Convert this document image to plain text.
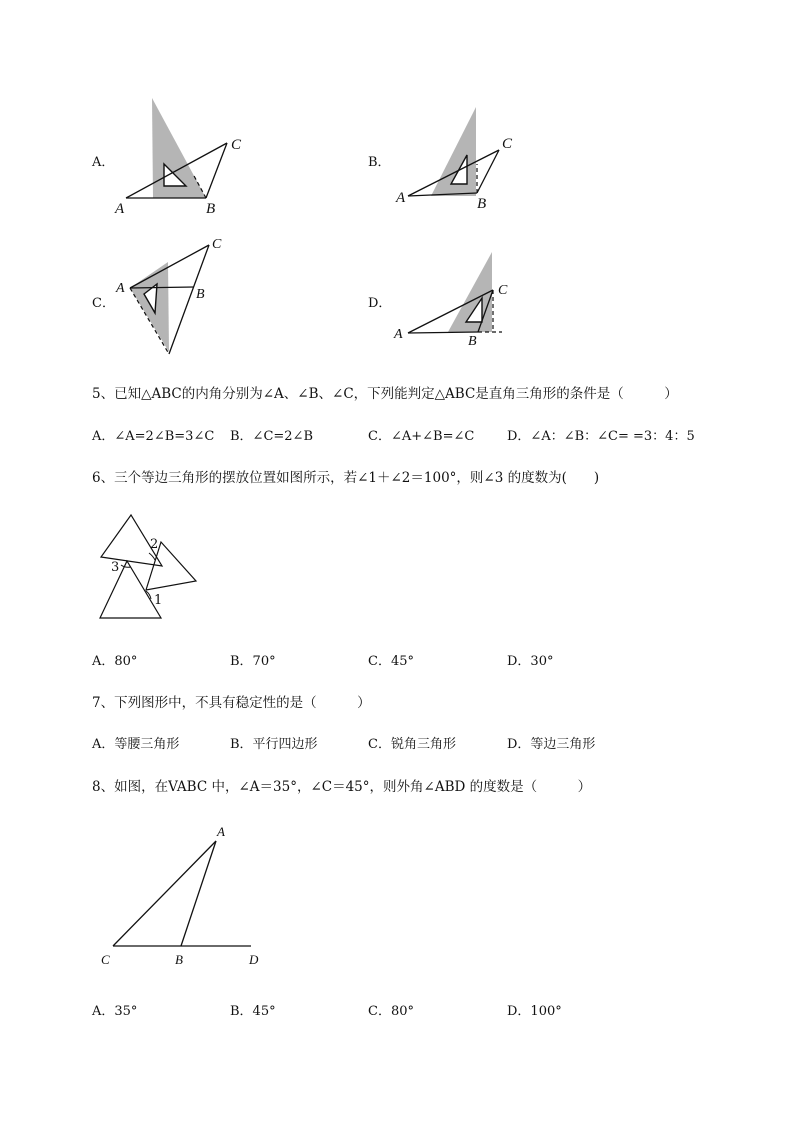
A．
A	B
C
B．
A	B
C
C．
A	B
C
D．
A	B
C
5、已知△ABC的内角分别为∠A、∠B、∠C，下列能判定△ABC是直角三角形的条件是（　　　）
A．∠A=2∠B=3∠C B．∠C=2∠B	C．∠A+∠B=∠C	D．∠A：∠B：∠C= =3：4：5
6、三个等边三角形的摆放位置如图所示，若∠1＋∠2＝100°，则∠3 的度数为(　　)
2
3
1
A．80°	B．70°	C．45°	D．30°
7、下列图形中，不具有稳定性的是（　　　）
A．等腰三角形	B．平行四边形	C．锐角三角形	D．等边三角形
8、如图，在VABC 中，∠A＝35°，∠C＝45°，则外角∠ABD 的度数是（　　　）
A
B
C	D
A．35°	B．45°	C．80°	D．100°
